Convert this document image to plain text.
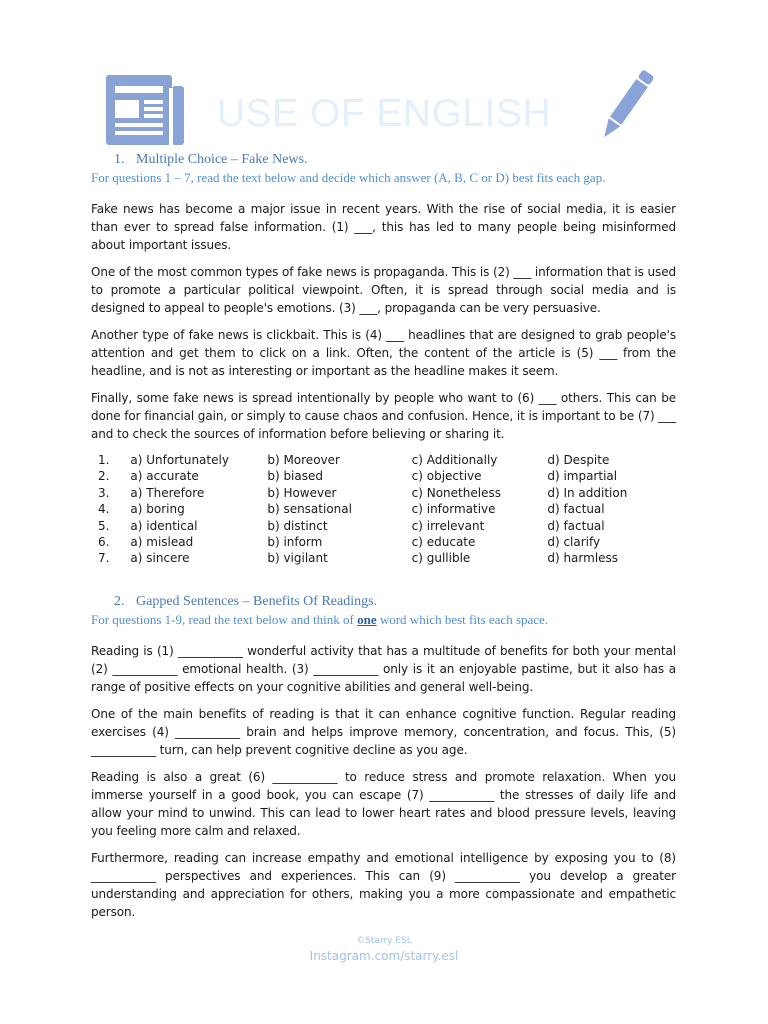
USE OF ENGLISH
1. Multiple Choice – Fake News.
For questions 1 – 7, read the text below and decide which answer (A, B, C or D) best fits each gap.

Fake news has become a major issue in recent years. With the rise of social media, it is easier than ever to spread false information. (1) ___, this has led to many people being misinformed about important issues.

One of the most common types of fake news is propaganda. This is (2) ___ information that is used to promote a particular political viewpoint. Often, it is spread through social media and is designed to appeal to people's emotions. (3) ___, propaganda can be very persuasive.

Another type of fake news is clickbait. This is (4) ___ headlines that are designed to grab people's attention and get them to click on a link. Often, the content of the article is (5) ___ from the headline, and is not as interesting or important as the headline makes it seem.

Finally, some fake news is spread intentionally by people who want to (6) ___ others. This can be done for financial gain, or simply to cause chaos and confusion. Hence, it is important to be (7) ___ and to check the sources of information before believing or sharing it.

1.	a) Unfortunately	b) Moreover	c) Additionally	d) Despite
2.	a) accurate	b) biased	c) objective	d) impartial
3.	a) Therefore	b) However	c) Nonetheless	d) In addition
4.	a) boring	b) sensational	c) informative	d) factual
5.	a) identical	b) distinct	c) irrelevant	d) factual
6.	a) mislead	b) inform	c) educate	d) clarify
7.	a) sincere	b) vigilant	c) gullible	d) harmless
2. Gapped Sentences – Benefits Of Readings.
For questions 1-9, read the text below and think of one word which best fits each space.

Reading is (1) ___________ wonderful activity that has a multitude of benefits for both your mental (2) ___________ emotional health. (3) ___________ only is it an enjoyable pastime, but it also has a range of positive effects on your cognitive abilities and general well-being.

One of the main benefits of reading is that it can enhance cognitive function. Regular reading exercises (4) ___________ brain and helps improve memory, concentration, and focus. This, (5) ___________ turn, can help prevent cognitive decline as you age.

Reading is also a great (6) ___________ to reduce stress and promote relaxation. When you immerse yourself in a good book, you can escape (7) ___________ the stresses of daily life and allow your mind to unwind. This can lead to lower heart rates and blood pressure levels, leaving you feeling more calm and relaxed.

Furthermore, reading can increase empathy and emotional intelligence by exposing you to (8) ___________ perspectives and experiences. This can (9) ___________ you develop a greater understanding and appreciation for others, making you a more compassionate and empathetic person.

©Starry ESL
Instagram.com/starry.esl
